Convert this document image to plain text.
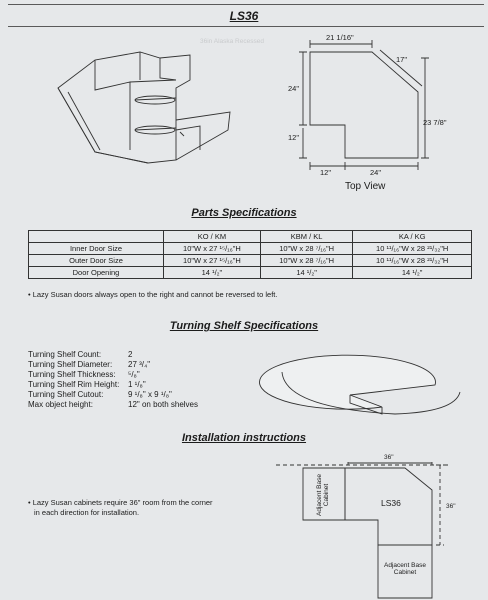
LS36
36in Alaska Recessed	21 1/16"
17"
24"
23 7/8"
12"
12"	24"
Top View
Parts Specifications
	KO / KM	KBM / KL	KA / KG
Inner Door Size	10"W x 27 ¹⁵/₁₆"H	10"W x 28 ⁷/₁₆"H	10 ¹¹/₁₆"W x 28 ²¹/₃₂"H
Outer Door Size	10"W x 27 ¹⁵/₁₆"H	10"W x 28 ⁷/₁₆"H	10 ¹¹/₁₆"W x 28 ²¹/₃₂"H
Door Opening	14 ¹/₂"	14 ¹/₂"	14 ¹/₂"
• Lazy Susan doors always open to the right and cannot be reversed to left.
Turning Shelf Specifications
Turning Shelf Count:	2
Turning Shelf Diameter: 27 ³/₄"
Turning Shelf Thickness: ⁵/₈"
Turning Shelf Rim Height: 1 ¹/₈"
Turning Shelf Cutout:	9 ¹/₈" x 9 ¹/₈"
Max object height:	12" on both shelves
Installation instructions
• Lazy Susan cabinets require 36" room from the corner
in each direction for installation.
36"
36"
LS36
Adjacent Base Cabinet
Adjacent Base
Cabinet
